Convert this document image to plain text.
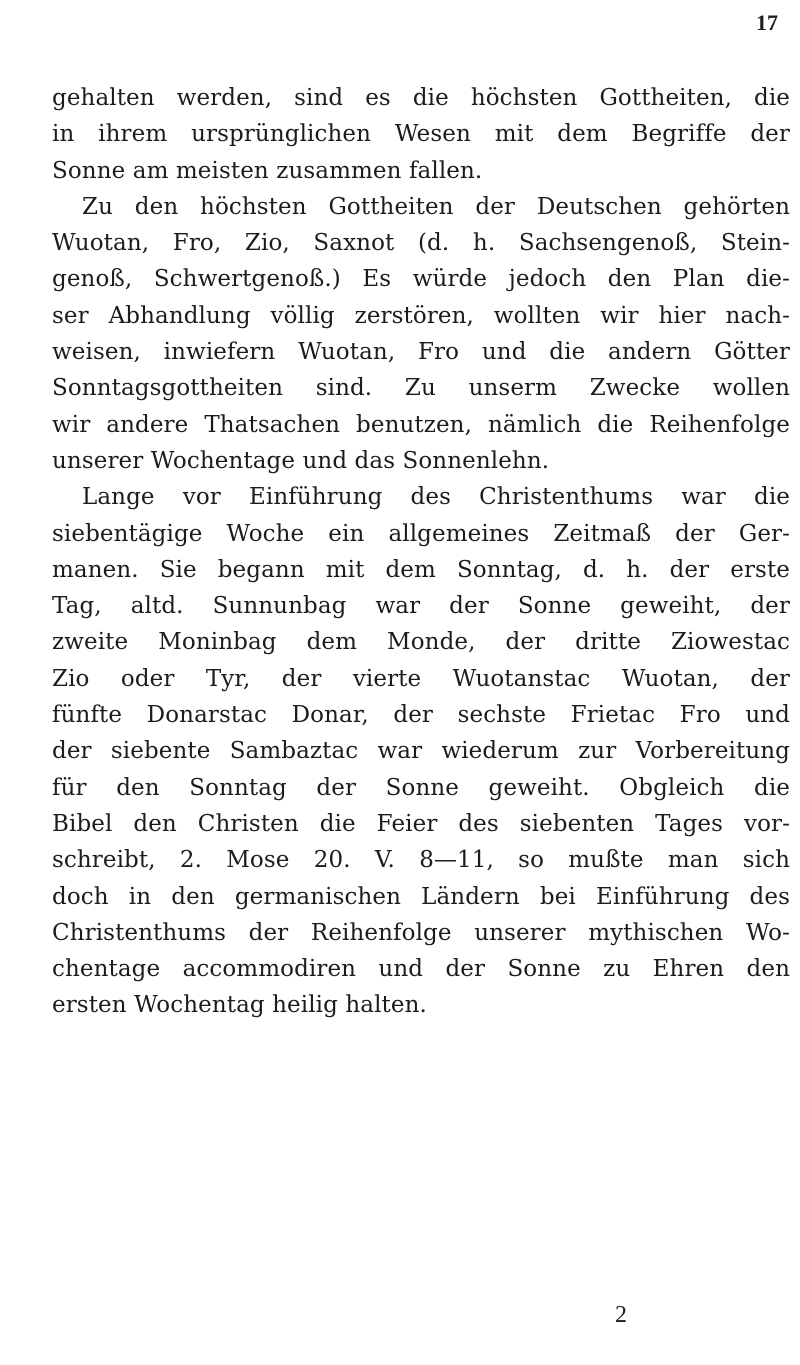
17
gehalten werden, sind es die höchsten Gottheiten, die
in ihrem ursprünglichen Wesen mit dem Begriffe der
Sonne am meisten zusammen fallen.
Zu den höchsten Gottheiten der Deutschen gehörten
Wuotan, Fro, Zio, Saxnot (d. h. Sachsengenoß, Stein-
genoß, Schwertgenoß.) Es würde jedoch den Plan die-
ser Abhandlung völlig zerstören, wollten wir hier nach-
weisen, inwiefern Wuotan, Fro und die andern Götter
Sonntagsgottheiten sind. Zu unserm Zwecke wollen
wir andere Thatsachen benutzen, nämlich die Reihenfolge
unserer Wochentage und das Sonnenlehn.
Lange vor Einführung des Christenthums war die
siebentägige Woche ein allgemeines Zeitmaß der Ger-
manen. Sie begann mit dem Sonntag, d. h. der erste
Tag, altd. Sunnunbag war der Sonne geweiht, der
zweite Moninbag dem Monde, der dritte Ziowestac
Zio oder Tyr, der vierte Wuotanstac Wuotan, der
fünfte Donarstac Donar, der sechste Frietac Fro und
der siebente Sambaztac war wiederum zur Vorbereitung
für den Sonntag der Sonne geweiht. Obgleich die
Bibel den Christen die Feier des siebenten Tages vor-
schreibt, 2. Mose 20. V. 8—11, so mußte man sich
doch in den germanischen Ländern bei Einführung des
Christenthums der Reihenfolge unserer mythischen Wo-
chentage accommodiren und der Sonne zu Ehren den
ersten Wochentag heilig halten.
2
